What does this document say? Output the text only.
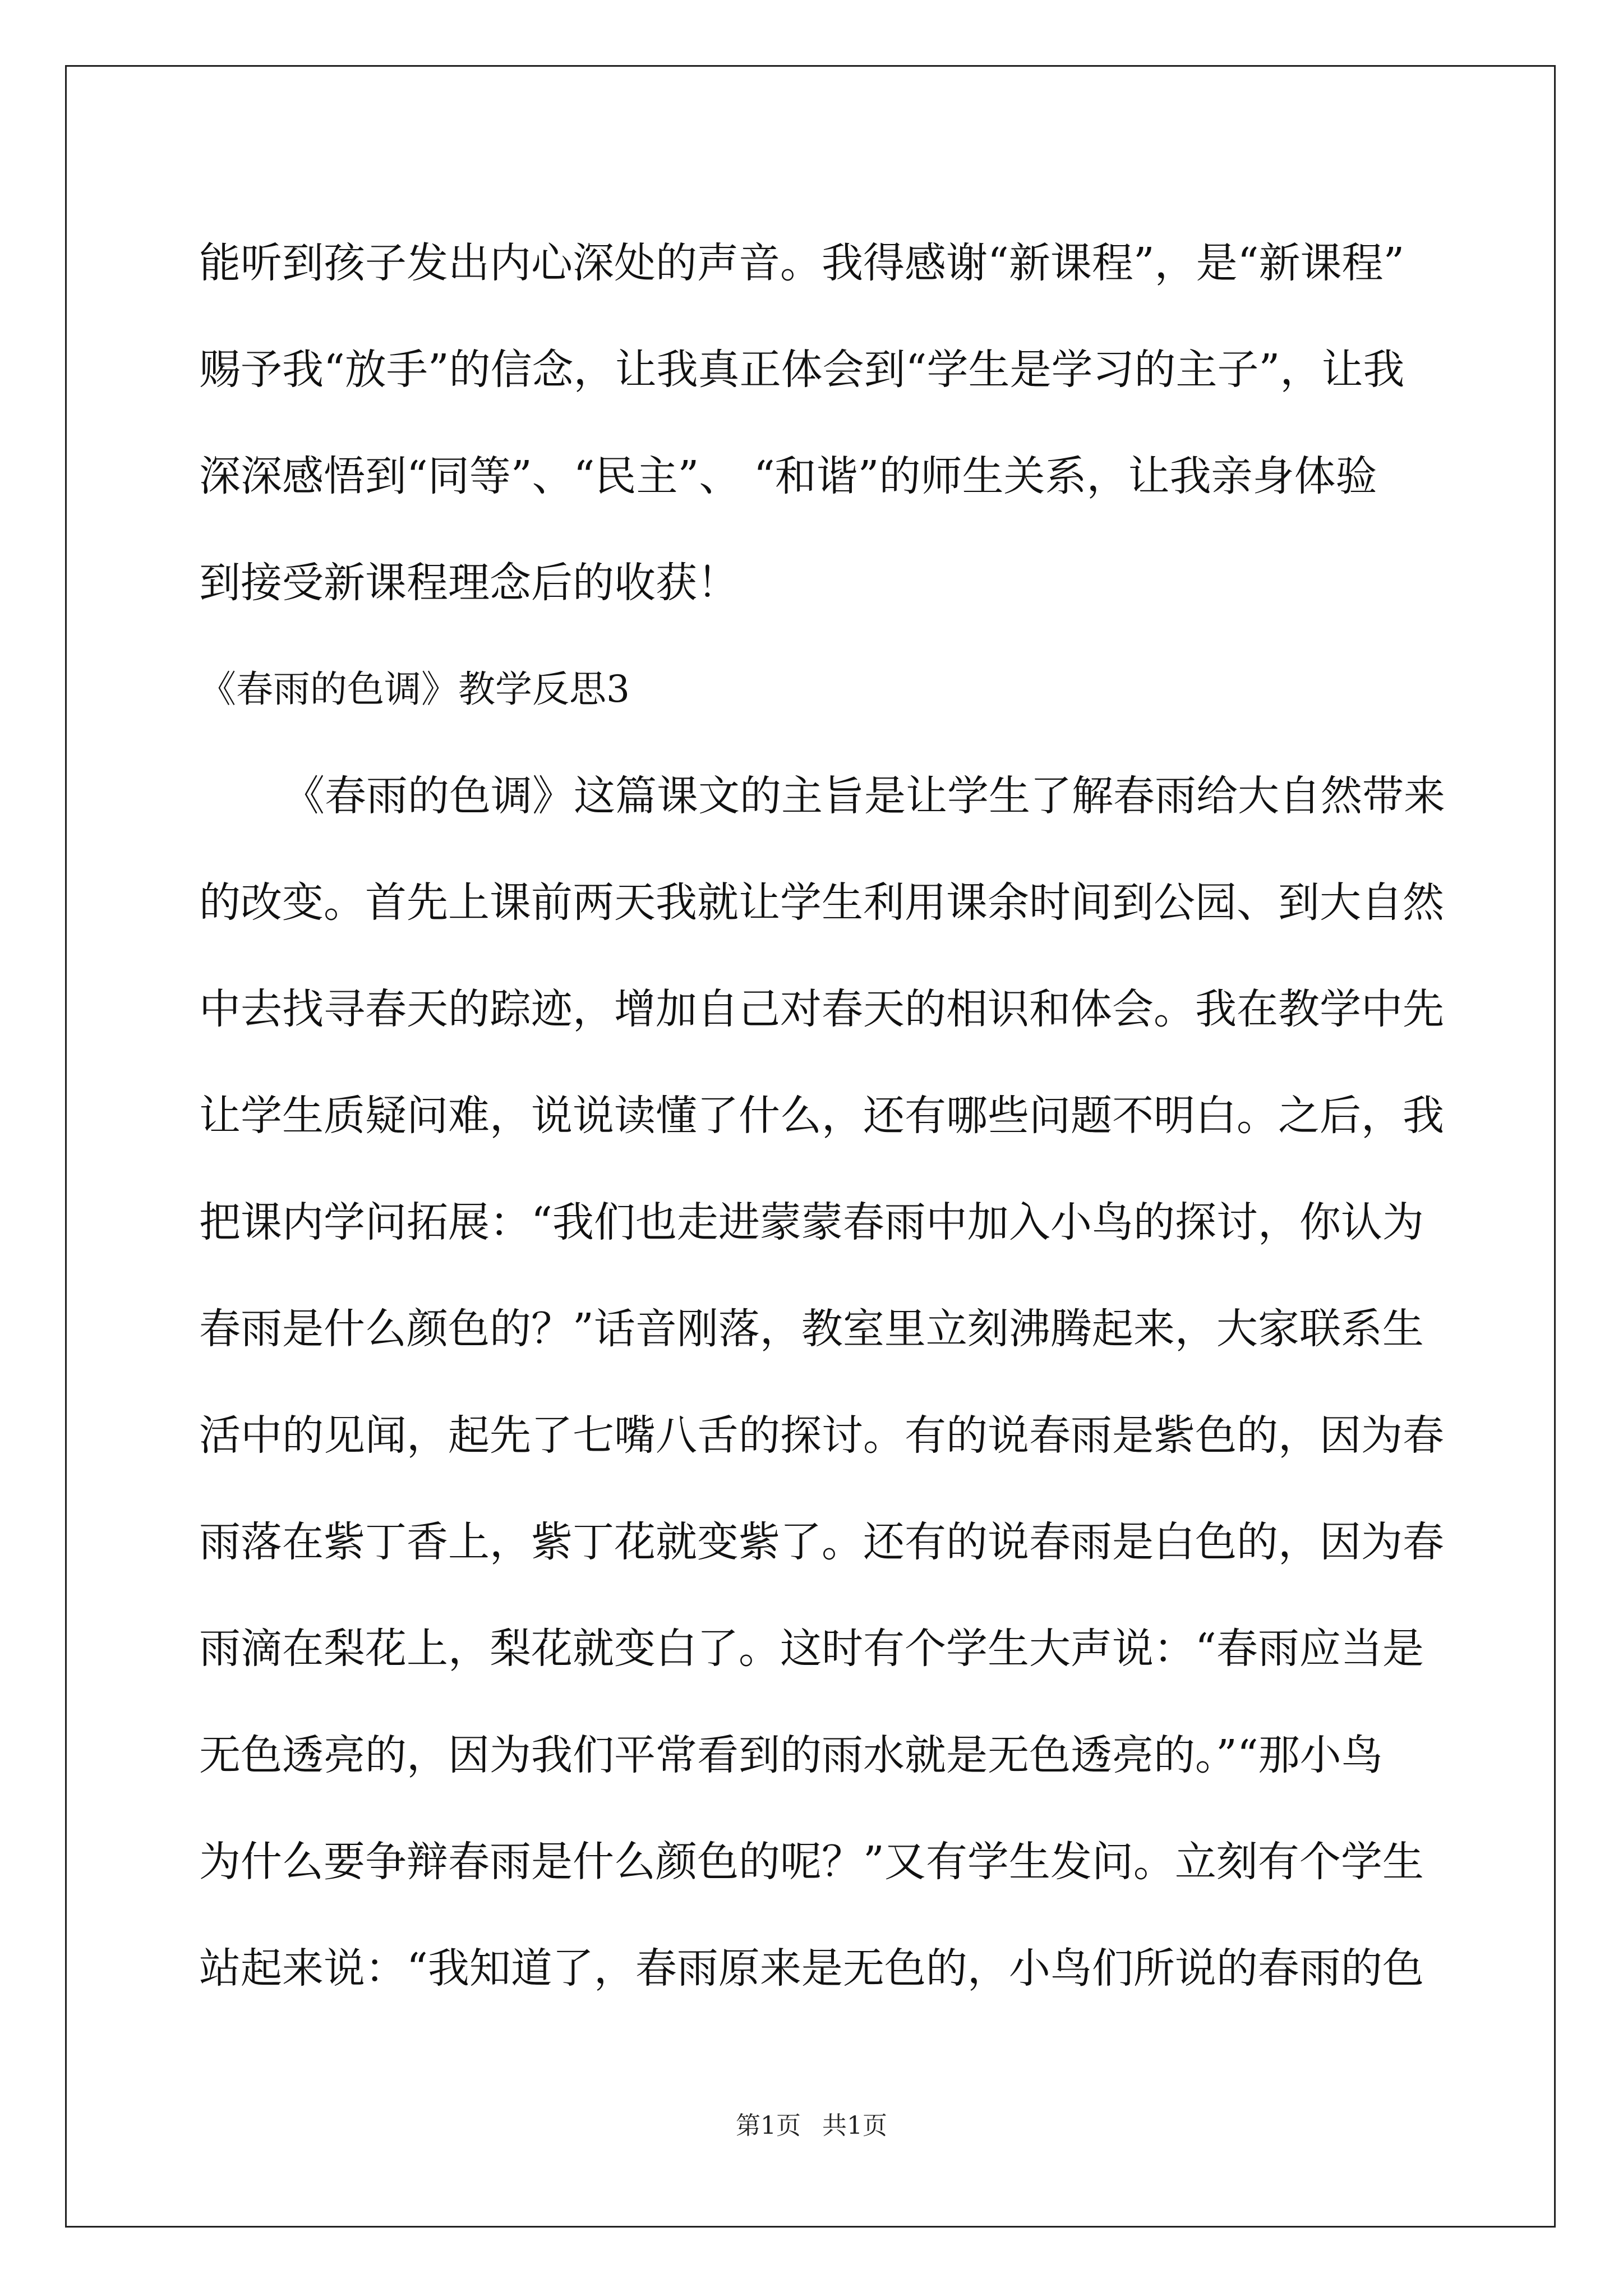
能听到孩子发出内心深处的声音。我得感谢“新课程”，是“新课程”

赐予我“放手”的信念，让我真正体会到“学生是学习的主子”，让我

深深感悟到“同等”、“民主”、 “和谐”的师生关系，让我亲身体验

到接受新课程理念后的收获！

《春雨的色调》教学反思3

《春雨的色调》这篇课文的主旨是让学生了解春雨给大自然带来

的改变。首先上课前两天我就让学生利用课余时间到公园、到大自然

中去找寻春天的踪迹，增加自己对春天的相识和体会。我在教学中先

让学生质疑问难，说说读懂了什么，还有哪些问题不明白。之后，我

把课内学问拓展：“我们也走进蒙蒙春雨中加入小鸟的探讨，你认为

春雨是什么颜色的？”话音刚落，教室里立刻沸腾起来，大家联系生

活中的见闻，起先了七嘴八舌的探讨。有的说春雨是紫色的，因为春

雨落在紫丁香上，紫丁花就变紫了。还有的说春雨是白色的，因为春

雨滴在梨花上，梨花就变白了。这时有个学生大声说：“春雨应当是

无色透亮的，因为我们平常看到的雨水就是无色透亮的。”“那小鸟

为什么要争辩春雨是什么颜色的呢？”又有学生发问。立刻有个学生

站起来说：“我知道了，春雨原来是无色的，小鸟们所说的春雨的色

第1页 共1页
